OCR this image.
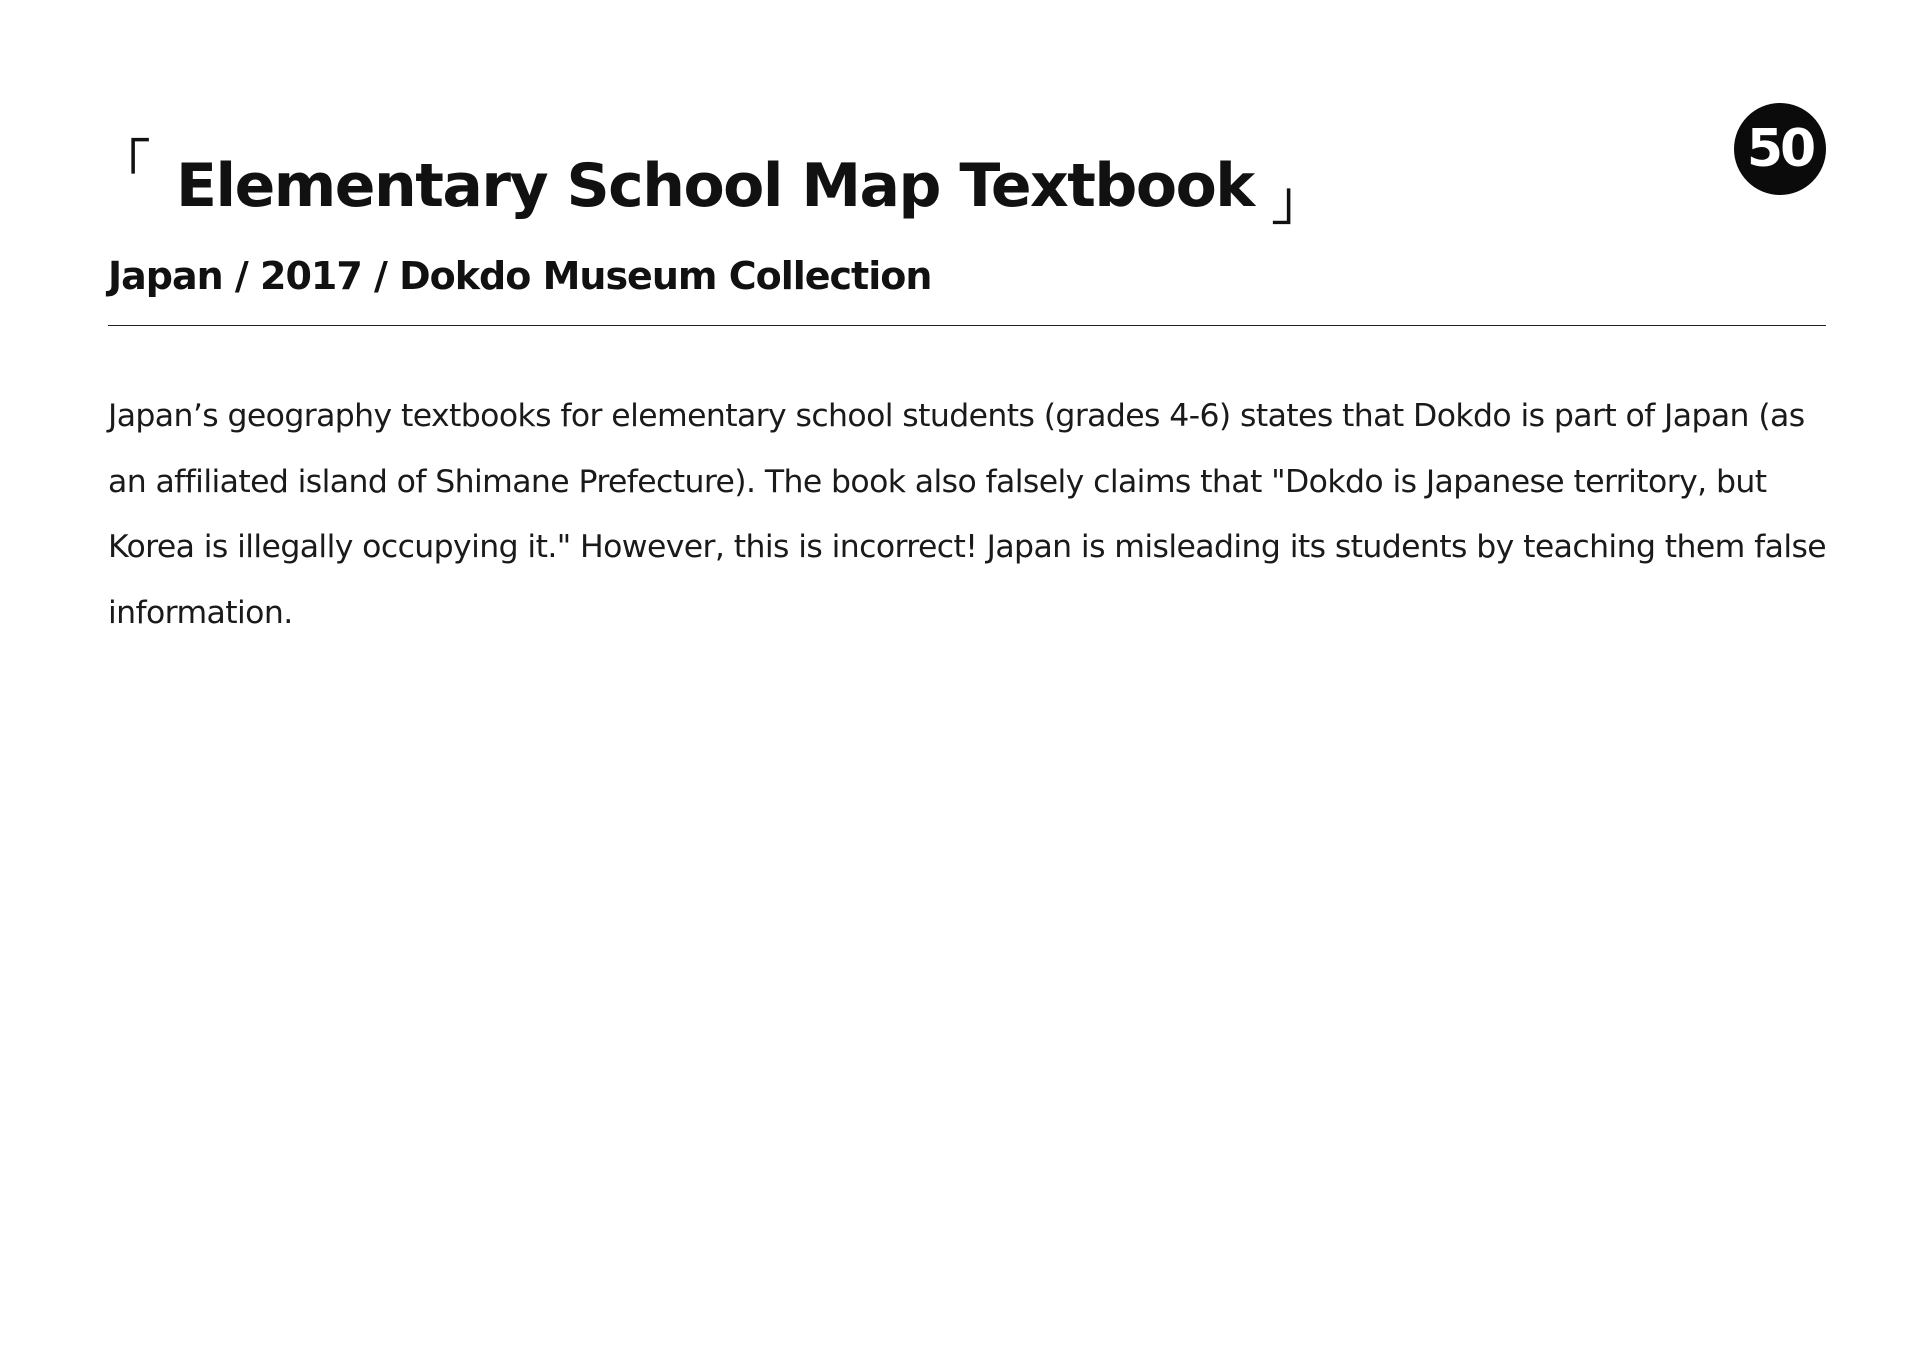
「 Elementary School Map Textbook 」
50
Japan / 2017 / Dokdo Museum Collection

Japan’s geography textbooks for elementary school students (grades 4-6) states that Dokdo is part of Japan (as an affiliated island of Shimane Prefecture). The book also falsely claims that "Dokdo is Japanese territory, but Korea is illegally occupying it." However, this is incorrect! Japan is misleading its students by teaching them false information.
